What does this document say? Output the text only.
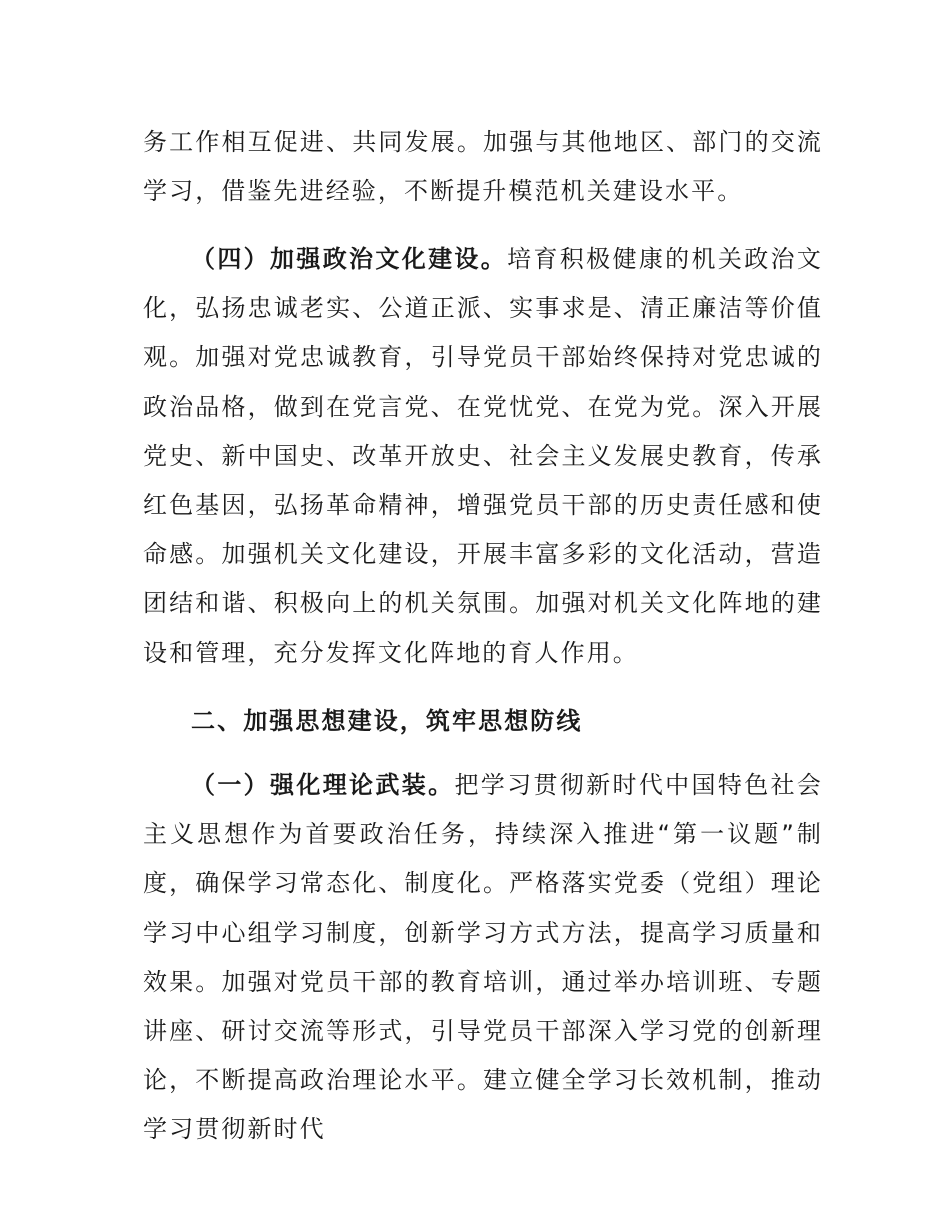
务工作相互促进、共同发展。加强与其他地区、部门的交流学习，借鉴先进经验，不断提升模范机关建设水平。

（四）加强政治文化建设。培育积极健康的机关政治文化，弘扬忠诚老实、公道正派、实事求是、清正廉洁等价值观。加强对党忠诚教育，引导党员干部始终保持对党忠诚的政治品格，做到在党言党、在党忧党、在党为党。深入开展党史、新中国史、改革开放史、社会主义发展史教育，传承红色基因，弘扬革命精神，增强党员干部的历史责任感和使命感。加强机关文化建设，开展丰富多彩的文化活动，营造团结和谐、积极向上的机关氛围。加强对机关文化阵地的建设和管理，充分发挥文化阵地的育人作用。

二、加强思想建设，筑牢思想防线

（一）强化理论武装。把学习贯彻新时代中国特色社会主义思想作为首要政治任务，持续深入推进“第一议题”制度，确保学习常态化、制度化。严格落实党委（党组）理论学习中心组学习制度，创新学习方式方法，提高学习质量和效果。加强对党员干部的教育培训，通过举办培训班、专题讲座、研讨交流等形式，引导党员干部深入学习党的创新理论，不断提高政治理论水平。建立健全学习长效机制，推动学习贯彻新时代
